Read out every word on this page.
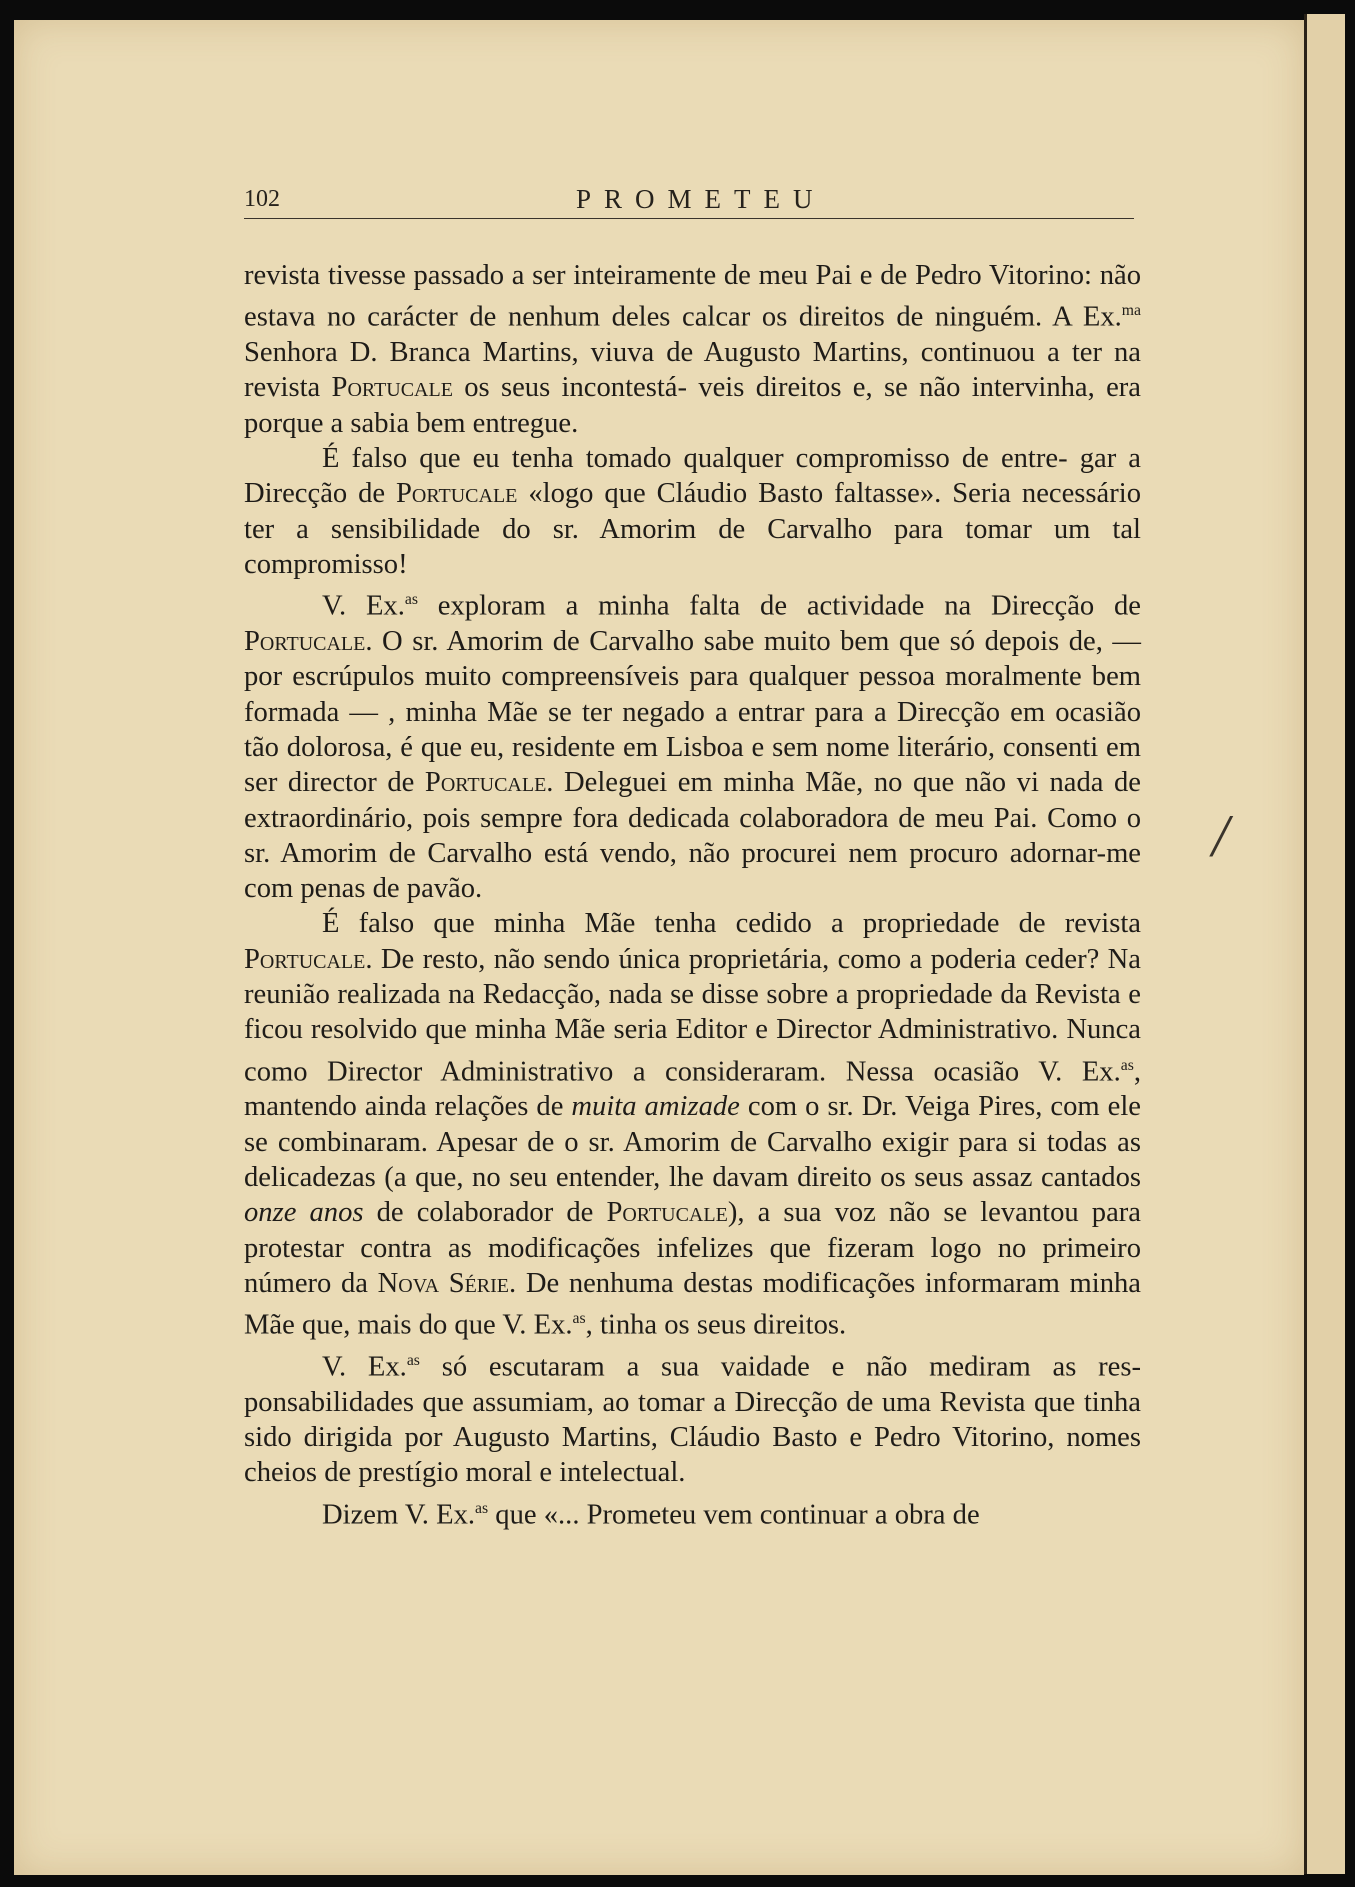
102	PROMETEU

revista tivesse passado a ser inteiramente de meu Pai e de Pedro Vitorino: não estava no carácter de nenhum deles calcar os direitos de ninguém. A Ex.$^{ma}$ Senhora D. Branca Martins, viuva de Augusto Martins, continuou a ter na revista Portucale os seus incontestá- veis direitos e, se não intervinha, era porque a sabia bem entregue.

É falso que eu tenha tomado qualquer compromisso de entre- gar a Direcção de Portucale «logo que Cláudio Basto faltasse». Seria necessário ter a sensibilidade do sr. Amorim de Carvalho para tomar um tal compromisso!

V. Ex.$^{as}$ exploram a minha falta de actividade na Direcção de Portucale. O sr. Amorim de Carvalho sabe muito bem que só depois de, — por escrúpulos muito compreensíveis para qualquer pessoa moralmente bem formada — , minha Mãe se ter negado a entrar para a Direcção em ocasião tão dolorosa, é que eu, residente em Lisboa e sem nome literário, consenti em ser director de Portucale. Deleguei em minha Mãe, no que não vi nada de extraordinário, pois sempre fora dedicada colaboradora de meu Pai. Como o sr. Amorim de Carvalho está vendo, não procurei nem procuro adornar-me com penas de pavão.

É falso que minha Mãe tenha cedido a propriedade de revista Portucale. De resto, não sendo única proprietária, como a poderia ceder? Na reunião realizada na Redacção, nada se disse sobre a propriedade da Revista e ficou resolvido que minha Mãe seria Editor e Director Administrativo. Nunca como Director Administrativo a consideraram. Nessa ocasião V. Ex.$^{as}$, mantendo ainda relações de muita amizade com o sr. Dr. Veiga Pires, com ele se combinaram. Apesar de o sr. Amorim de Carvalho exigir para si todas as delicadezas (a que, no seu entender, lhe davam direito os seus assaz cantados onze anos de colaborador de Portucale), a sua voz não se levantou para protestar contra as modificações infelizes que fizeram logo no primeiro número da Nova Série. De nenhuma destas modificações informaram minha Mãe que, mais do que V. Ex.$^{as}$, tinha os seus direitos.

V. Ex.$^{as}$ só escutaram a sua vaidade e não mediram as res- ponsabilidades que assumiam, ao tomar a Direcção de uma Revista que tinha sido dirigida por Augusto Martins, Cláudio Basto e Pedro Vitorino, nomes cheios de prestígio moral e intelectual.

Dizem V. Ex.$^{as}$ que «... Prometeu vem continuar a obra de

/
